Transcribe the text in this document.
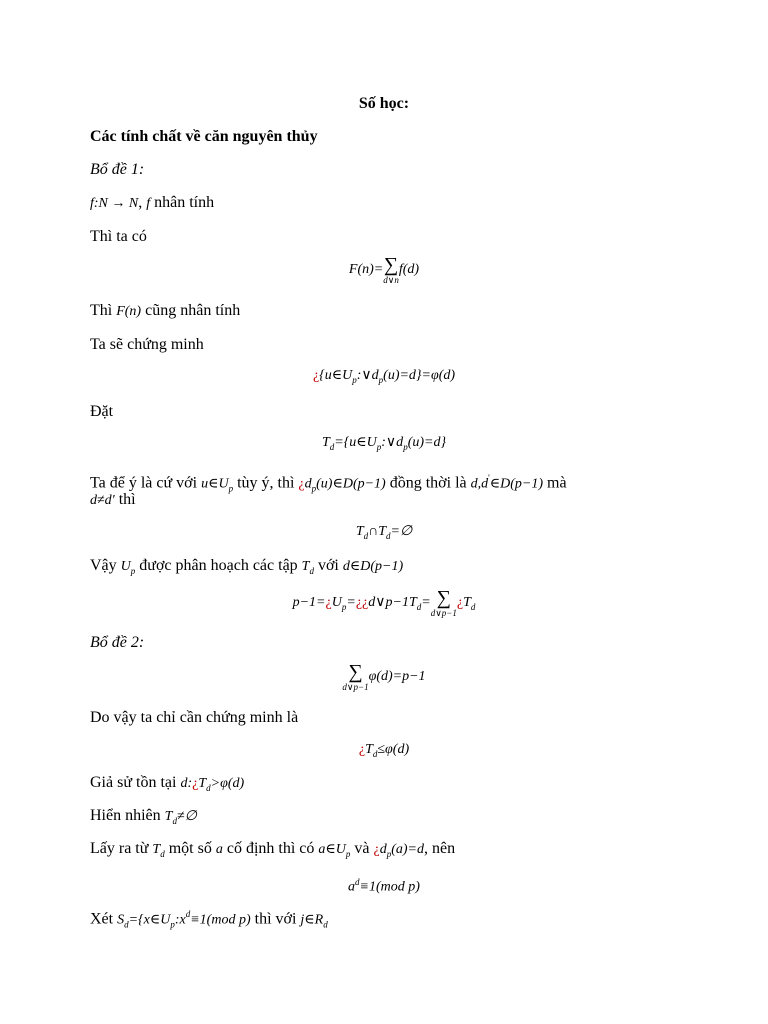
Số học:
Các tính chất về căn nguyên thủy
Bổ đề 1:
f:N → N, f nhân tính
Thì ta có
F(n)= ∑
d∨n
f(d)
Thì F(n) cũng nhân tính
Ta sẽ chứng minh
¿$\{u\in U_p:\vee d_p(u)=d\}=\varphi(d)$
Đặt
$T_d=\{u\in U_p:\vee d_p(u)=d\}$
Ta để ý là cứ với $u\in U_p$ tùy ý, thì ¿$d_p(u)\in D(p-1)$ đồng thời là d,d'∈D(p−1) mà
d≠d' thì
$T_d\cap T_d=\emptyset$
Vậy $U_p$ được phân hoạch các tập $T_d$ với d∈D(p−1)
$p-1=¿U_p=¿¿d\vee p-1T_d=$ ∑
d∨p−1
¿$T_d$
Bổ đề 2:
∑
d∨p−1
φ(d)=p−1
Do vậy ta chỉ cần chứng minh là
¿$T_d\le\varphi(d)$
Giả sử tồn tại $d:¿T_d>\varphi(d)$
Hiển nhiên $T_d\ne\emptyset$
Lấy ra từ $T_d$ một số a cố định thì có $a\in U_p$ và ¿$d_p(a)=d$, nên
$a^d\equiv 1(mod$ p)
Xét $S_d=\{x\in U_p:x^d\equiv 1(mod$ p) thì với $j\in R_d$
